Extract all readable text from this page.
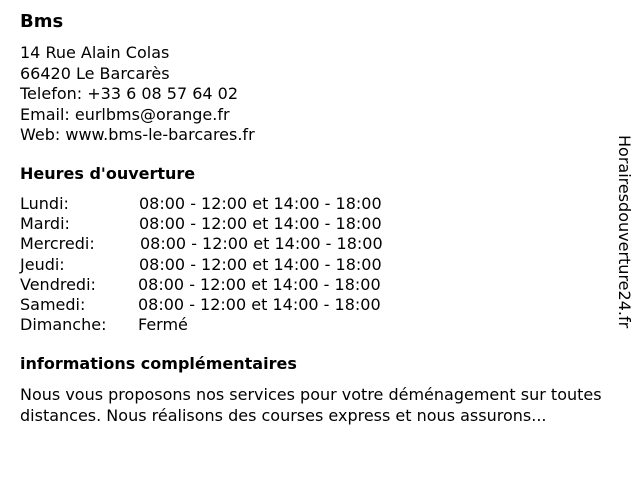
Bms
14 Rue Alain Colas
66420 Le Barcarès
Telefon: +33 6 08 57 64 02
Email: eurlbms@orange.fr
Web: www.bms-le-barcares.fr
Heures d'ouverture
Lundi:	08:00 - 12:00 et 14:00 - 18:00
Mardi:	08:00 - 12:00 et 14:00 - 18:00
Mercredi:	08:00 - 12:00 et 14:00 - 18:00
Jeudi:	08:00 - 12:00 et 14:00 - 18:00
Vendredi:	08:00 - 12:00 et 14:00 - 18:00
Samedi:	08:00 - 12:00 et 14:00 - 18:00
Dimanche: Fermé
informations complémentaires
Nous vous proposons nos services pour votre déménagement sur toutes distances. Nous réalisons des courses express et nous assurons...
Horairesdouverture24.fr
